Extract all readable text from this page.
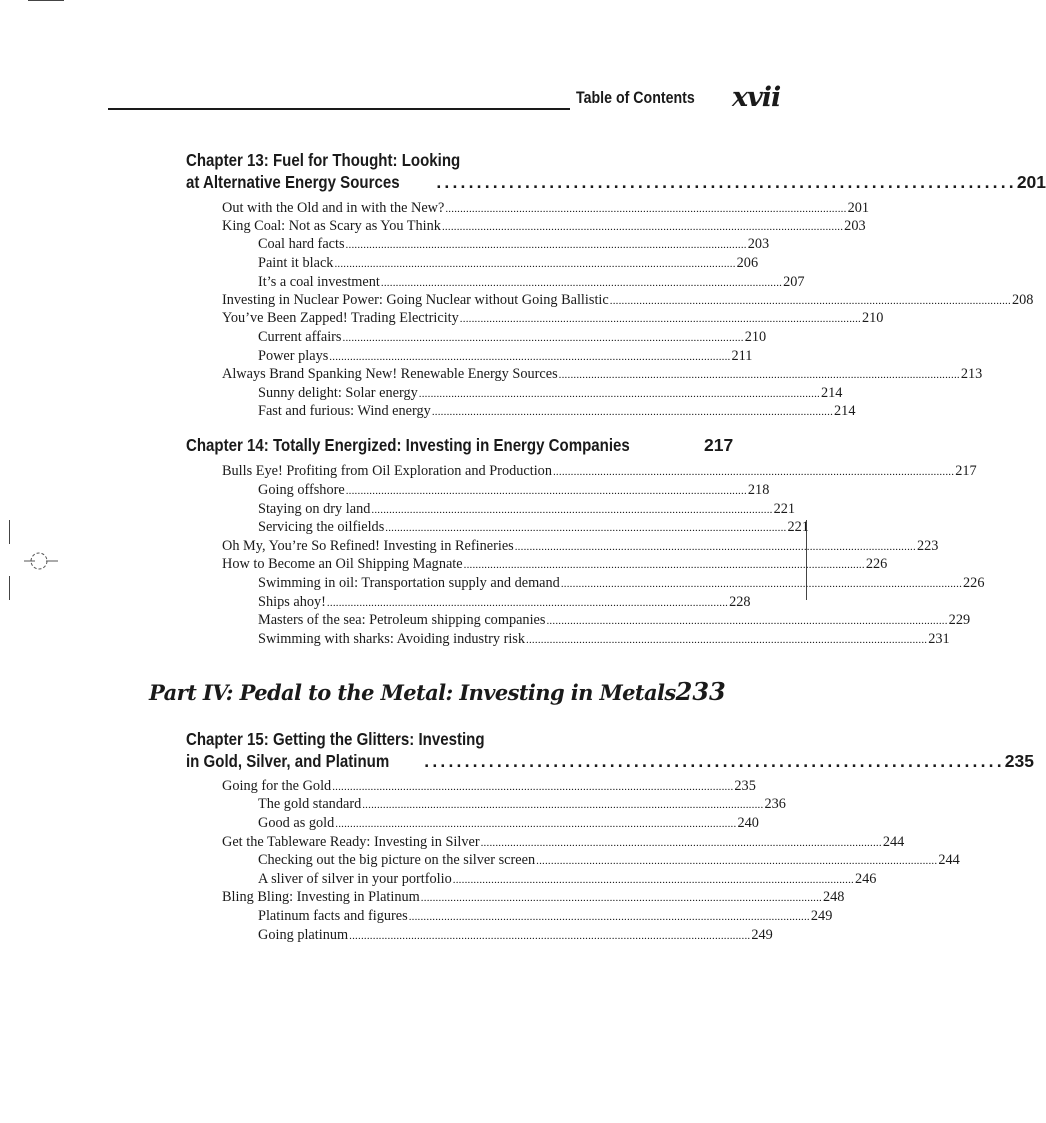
Table of Contents xvii
Chapter 13: Fuel for Thought: Looking
at Alternative Energy Sources ........................................................................ 201
Out with the Old and in with the New? ........................................................................................................................................ 201
King Coal: Not as Scary as You Think ........................................................................................................................................ 203
Coal hard facts ........................................................................................................................................ 203
Paint it black ........................................................................................................................................ 206
It’s a coal investment ........................................................................................................................................ 207
Investing in Nuclear Power: Going Nuclear without Going Ballistic ........................................................................................................................................ 208
You’ve Been Zapped! Trading Electricity ........................................................................................................................................ 210
Current affairs ........................................................................................................................................ 210
Power plays ........................................................................................................................................ 211
Always Brand Spanking New! Renewable Energy Sources ........................................................................................................................................ 213
Sunny delight: Solar energy ........................................................................................................................................ 214
Fast and furious: Wind energy ........................................................................................................................................ 214
Chapter 14: Totally Energized: Investing in Energy Companies	217
Bulls Eye! Profiting from Oil Exploration and Production ........................................................................................................................................ 217
Going offshore ........................................................................................................................................ 218
Staying on dry land ........................................................................................................................................ 221
Servicing the oilfields ........................................................................................................................................ 221
Oh My, You’re So Refined! Investing in Refineries ........................................................................................................................................ 223
How to Become an Oil Shipping Magnate ........................................................................................................................................ 226
Swimming in oil: Transportation supply and demand ........................................................................................................................................ 226
Ships ahoy! ........................................................................................................................................ 228
Masters of the sea: Petroleum shipping companies ........................................................................................................................................ 229
Swimming with sharks: Avoiding industry risk ........................................................................................................................................ 231
Part IV: Pedal to the Metal: Investing in Metals 233
Chapter 15: Getting the Glitters: Investing
in Gold, Silver, and Platinum ........................................................................ 235
Going for the Gold ........................................................................................................................................ 235
The gold standard ........................................................................................................................................ 236
Good as gold ........................................................................................................................................ 240
Get the Tableware Ready: Investing in Silver ........................................................................................................................................ 244
Checking out the big picture on the silver screen ........................................................................................................................................ 244
A sliver of silver in your portfolio ........................................................................................................................................ 246
Bling Bling: Investing in Platinum ........................................................................................................................................ 248
Platinum facts and figures ........................................................................................................................................ 249
Going platinum ........................................................................................................................................ 249
